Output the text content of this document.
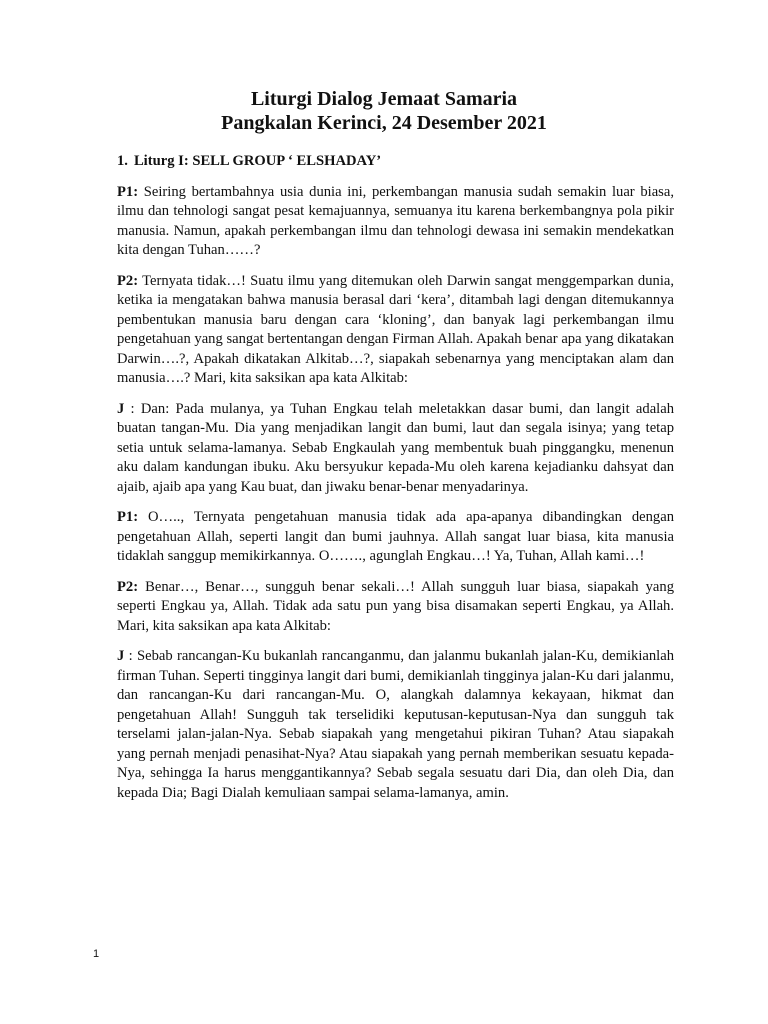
Liturgi Dialog Jemaat Samaria

Pangkalan Kerinci, 24 Desember 2021

1. Liturg I: SELL GROUP ‘ ELSHADAY’

P1: Seiring bertambahnya usia dunia ini, perkembangan manusia sudah semakin luar biasa, ilmu dan tehnologi sangat pesat kemajuannya, semuanya itu karena berkembangnya pola pikir manusia. Namun, apakah perkembangan ilmu dan tehnologi dewasa ini semakin mendekatkan kita dengan Tuhan……?

P2: Ternyata tidak…! Suatu ilmu yang ditemukan oleh Darwin sangat menggemparkan dunia, ketika ia mengatakan bahwa manusia berasal dari ‘kera’, ditambah lagi dengan ditemukannya pembentukan manusia baru dengan cara ‘kloning’, dan banyak lagi perkembangan ilmu pengetahuan yang sangat bertentangan dengan Firman Allah. Apakah benar apa yang dikatakan Darwin….?, Apakah dikatakan Alkitab…?, siapakah sebenarnya yang menciptakan alam dan manusia….? Mari, kita saksikan apa kata Alkitab:

J : Dan: Pada mulanya, ya Tuhan Engkau telah meletakkan dasar bumi, dan langit adalah buatan tangan-Mu. Dia yang menjadikan langit dan bumi, laut dan segala isinya; yang tetap setia untuk selama-lamanya. Sebab Engkaulah yang membentuk buah pinggangku, menenun aku dalam kandungan ibuku. Aku bersyukur kepada-Mu oleh karena kejadianku dahsyat dan ajaib, ajaib apa yang Kau buat, dan jiwaku benar-benar menyadarinya.

P1: O….., Ternyata pengetahuan manusia tidak ada apa-apanya dibandingkan dengan pengetahuan Allah, seperti langit dan bumi jauhnya. Allah sangat luar biasa, kita manusia tidaklah sanggup memikirkannya. O……., agunglah Engkau…! Ya, Tuhan, Allah kami…!

P2: Benar…, Benar…, sungguh benar sekali…! Allah sungguh luar biasa, siapakah yang seperti Engkau ya, Allah. Tidak ada satu pun yang bisa disamakan seperti Engkau, ya Allah. Mari, kita saksikan apa kata Alkitab:

J : Sebab rancangan-Ku bukanlah rancanganmu, dan jalanmu bukanlah jalan-Ku, demikianlah firman Tuhan. Seperti tingginya langit dari bumi, demikianlah tingginya jalan-Ku dari jalanmu, dan rancangan-Ku dari rancangan-Mu. O, alangkah dalamnya kekayaan, hikmat dan pengetahuan Allah! Sungguh tak terselidiki keputusan-keputusan-Nya dan sungguh tak terselami jalan-jalan-Nya. Sebab siapakah yang mengetahui pikiran Tuhan? Atau siapakah yang pernah menjadi penasihat-Nya? Atau siapakah yang pernah memberikan sesuatu kepada-Nya, sehingga Ia harus menggantikannya? Sebab segala sesuatu dari Dia, dan oleh Dia, dan kepada Dia; Bagi Dialah kemuliaan sampai selama-lamanya, amin.

1
